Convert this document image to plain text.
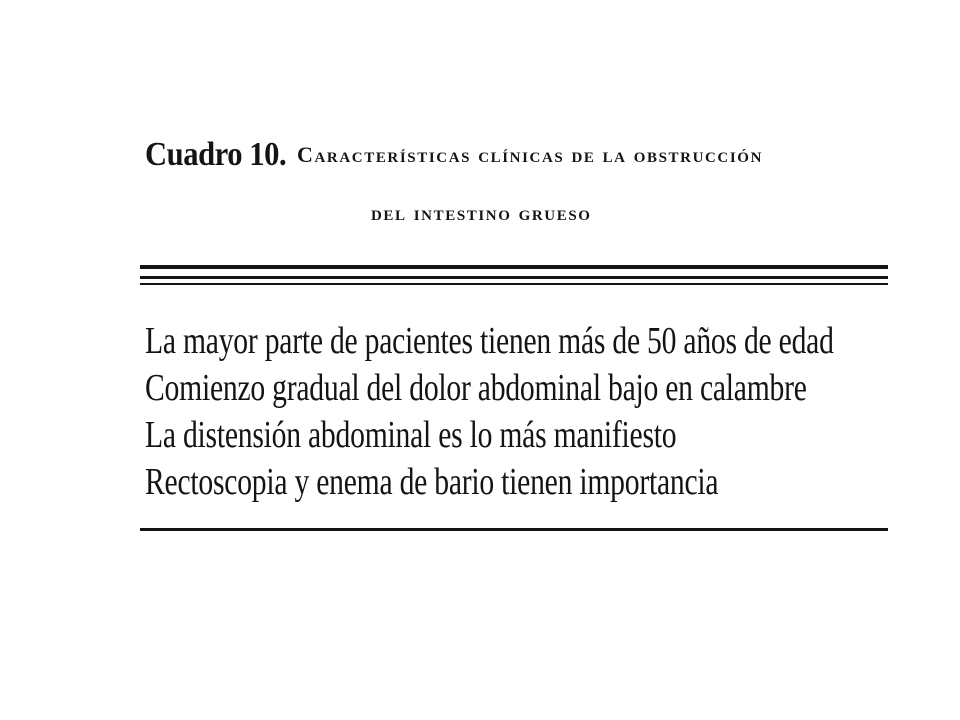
Cuadro 10. Características clínicas de la obstrucción
del intestino grueso
La mayor parte de pacientes tienen más de 50 años de edad
Comienzo gradual del dolor abdominal bajo en calambre
La distensión abdominal es lo más manifiesto
Rectoscopia y enema de bario tienen importancia
